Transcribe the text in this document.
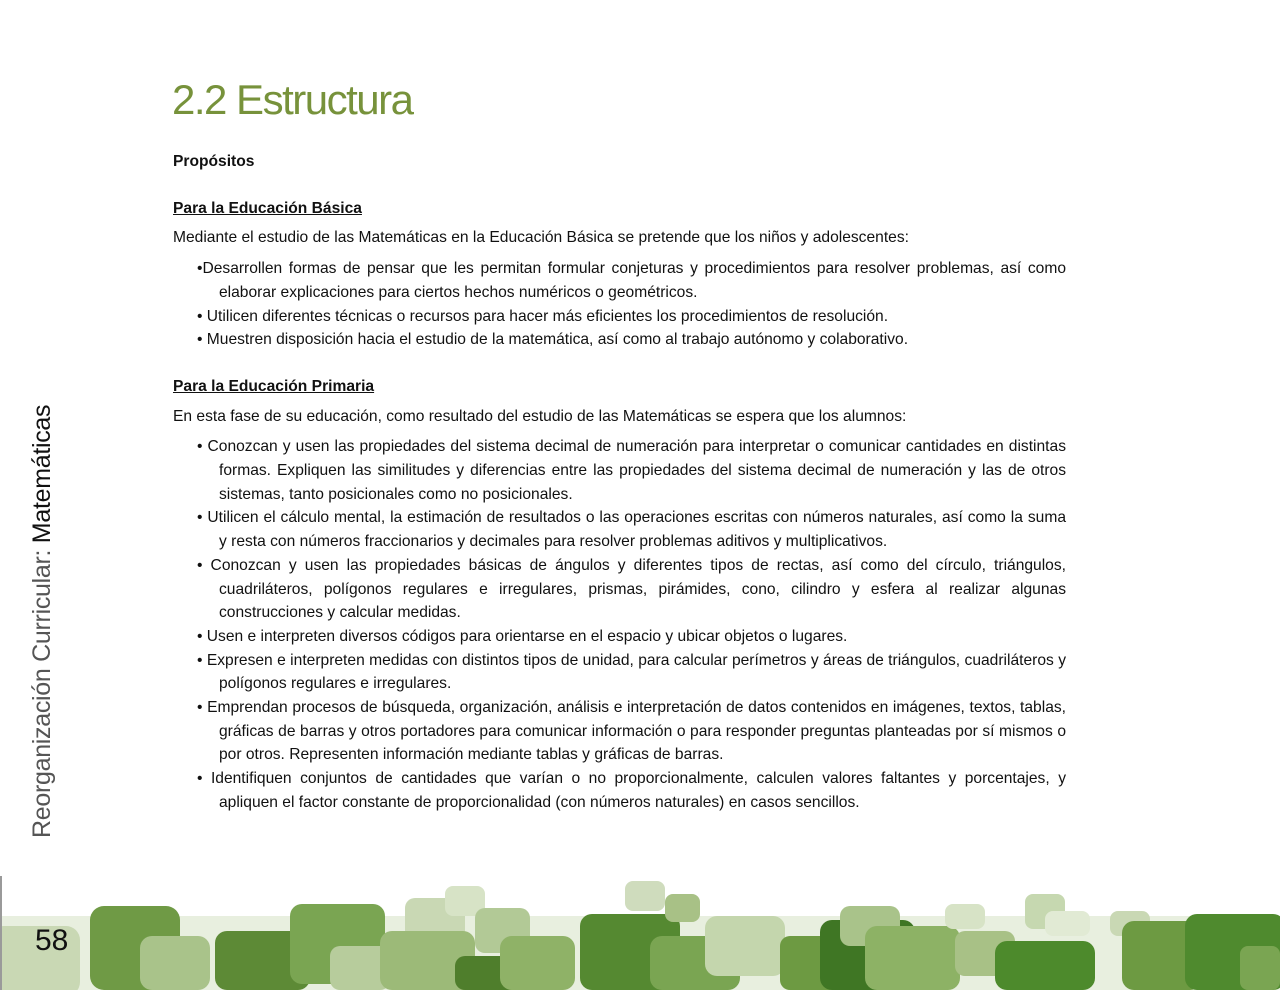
2.2 Estructura

Propósitos

Para la Educación Básica

Mediante el estudio de las Matemáticas en la Educación Básica se pretende que los niños y adolescentes:

•Desarrollen formas de pensar que les permitan formular conjeturas y procedimientos para resolver problemas, así como elaborar explicaciones para ciertos hechos numéricos o geométricos.
• Utilicen diferentes técnicas o recursos para hacer más eficientes los procedimientos de resolución.
• Muestren disposición hacia el estudio de la matemática, así como al trabajo autónomo y colaborativo.

Para la Educación Primaria

En esta fase de su educación, como resultado del estudio de las Matemáticas se espera que los alumnos:

• Conozcan y usen las propiedades del sistema decimal de numeración para interpretar o comunicar cantidades en distintas formas. Expliquen las similitudes y diferencias entre las propiedades del sistema decimal de numeración y las de otros sistemas, tanto posicionales como no posicionales.
• Utilicen el cálculo mental, la estimación de resultados o las operaciones escritas con números naturales, así como la suma y resta con números fraccionarios y decimales para resolver problemas aditivos y multiplicativos.
• Conozcan y usen las propiedades básicas de ángulos y diferentes tipos de rectas, así como del círculo, triángulos, cuadriláteros, polígonos regulares e irregulares, prismas, pirámides, cono, cilindro y esfera al realizar algunas construcciones y calcular medidas.
• Usen e interpreten diversos códigos para orientarse en el espacio y ubicar objetos o lugares.
• Expresen e interpreten medidas con distintos tipos de unidad, para calcular perímetros y áreas de triángulos, cuadriláteros y polígonos regulares e irregulares.
• Emprendan procesos de búsqueda, organización, análisis e interpretación de datos contenidos en imágenes, textos, tablas, gráficas de barras y otros portadores para comunicar información o para responder preguntas planteadas por sí mismos o por otros. Representen información mediante tablas y gráficas de barras.
• Identifiquen conjuntos de cantidades que varían o no proporcionalmente, calculen valores faltantes y porcentajes, y apliquen el factor constante de proporcionalidad (con números naturales) en casos sencillos.
Reorganización Curricular: Matemáticas
58
